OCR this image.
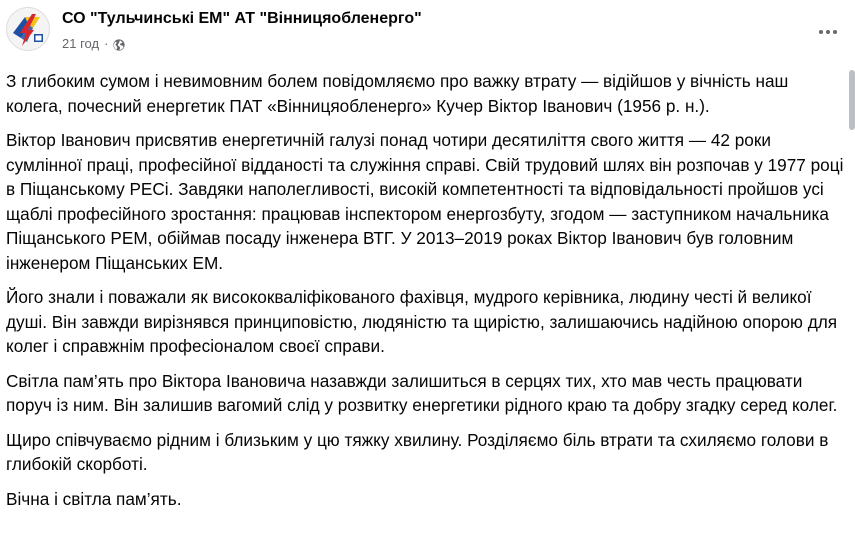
СО "Тульчинські ЕМ" АТ "Вінницяобленерго"
21 год ·

З глибоким сумом і невимовним болем повідомляємо про важку втрату — відійшов у вічність наш колега, почесний енергетик ПАТ «Вінницяобленерго» Кучер Віктор Іванович (1956 р. н.).

Віктор Іванович присвятив енергетичній галузі понад чотири десятиліття свого життя — 42 роки сумлінної праці, професійної відданості та служіння справі. Свій трудовий шлях він розпочав у 1977 році в Піщанському РЕСі. Завдяки наполегливості, високій компетентності та відповідальності пройшов усі щаблі професійного зростання: працював інспектором енергозбуту, згодом — заступником начальника Піщанського РЕМ, обіймав посаду інженера ВТГ. У 2013–2019 роках Віктор Іванович був головним інженером Піщанських ЕМ.

Його знали і поважали як висококваліфікованого фахівця, мудрого керівника, людину честі й великої душі. Він завжди вирізнявся принциповістю, людяністю та щирістю, залишаючись надійною опорою для колег і справжнім професіоналом своєї справи.

Світла пам’ять про Віктора Івановича назавжди залишиться в серцях тих, хто мав честь працювати поруч із ним. Він залишив вагомий слід у розвитку енергетики рідного краю та добру згадку серед колег.

Щиро співчуваємо рідним і близьким у цю тяжку хвилину. Розділяємо біль втрати та схиляємо голови в глибокій скорботі.

Вічна і світла пам’ять.
